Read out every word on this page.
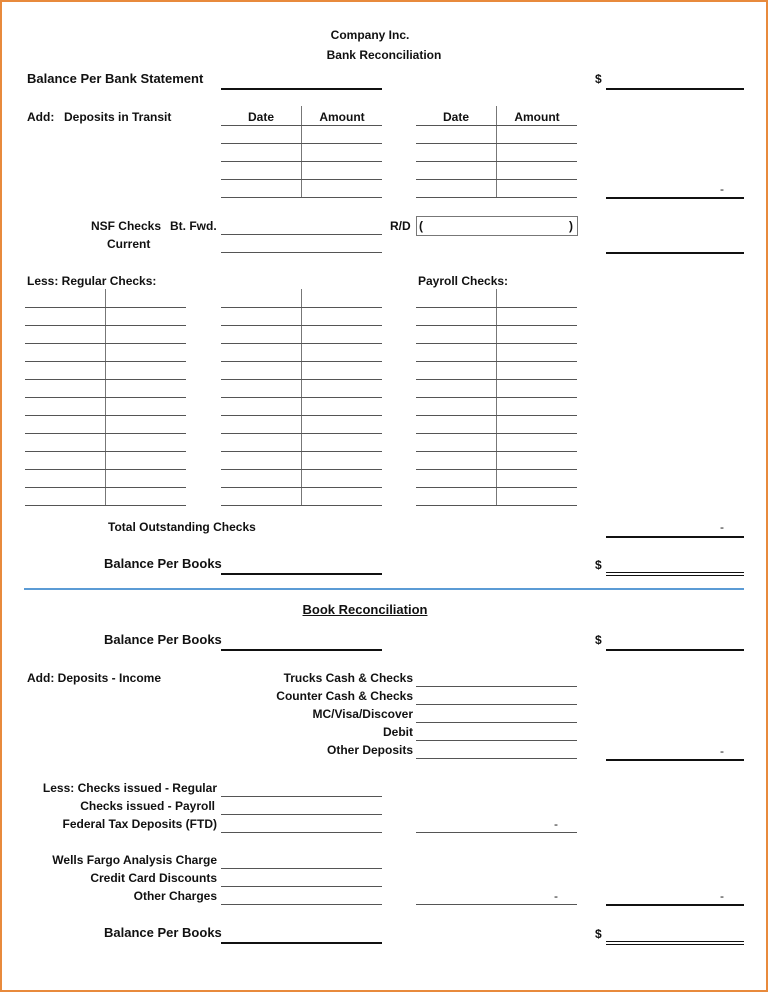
Company Inc.
Bank Reconciliation
Balance Per Bank Statement	$
Add: Deposits in Transit	Date	Amount	Date	Amount
-
NSF Checks Bt. Fwd.
Current
R/D (	)
Less: Regular Checks:	Payroll Checks:
Total Outstanding Checks	-
Balance Per Books	$
Book Reconciliation
Balance Per Books	$
Add: Deposits - Income	Trucks Cash & Checks
Counter Cash & Checks
MC/Visa/Discover
Debit
Other Deposits	-
Less: Checks issued - Regular
Checks issued - Payroll
Federal Tax Deposits (FTD)	-
Wells Fargo Analysis Charge
Credit Card Discounts
Other Charges	-	-
Balance Per Books	$
